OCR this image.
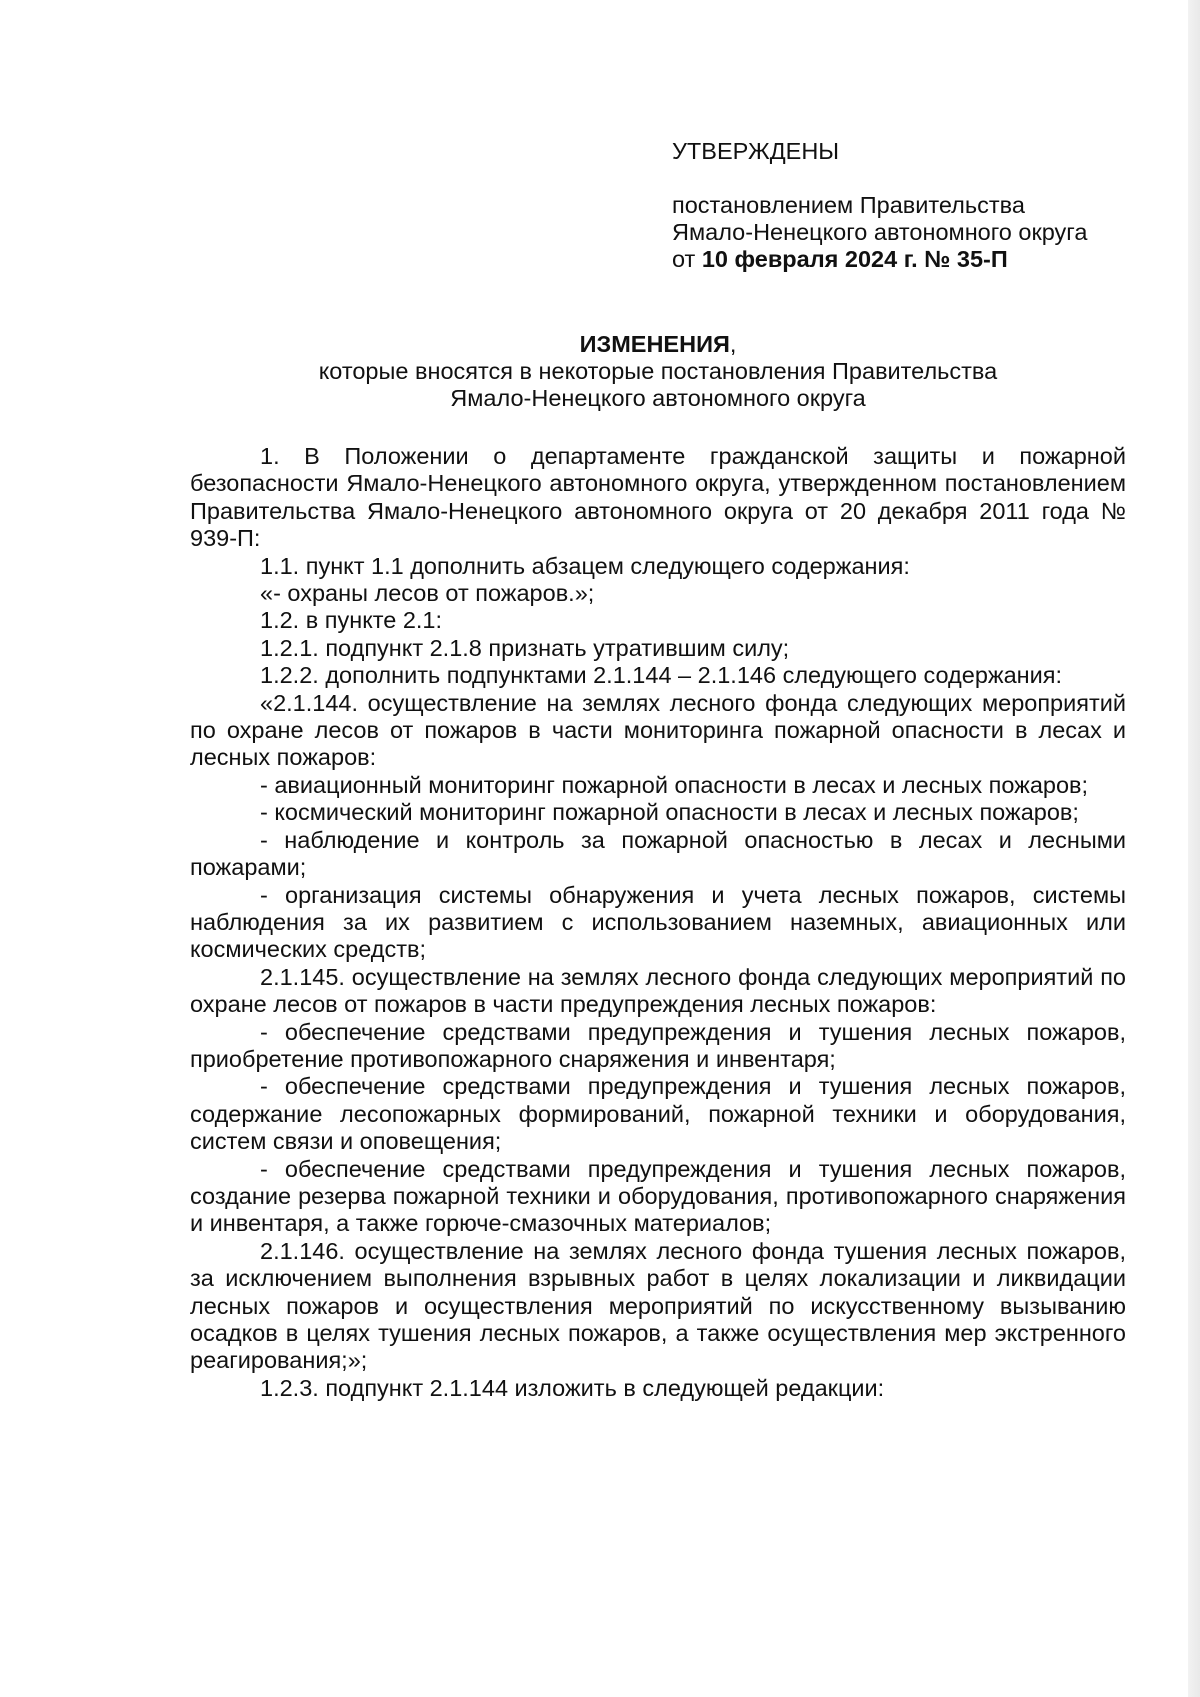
УТВЕРЖДЕНЫ
постановлением Правительства
Ямало-Ненецкого автономного округа
от 10 февраля 2024 г. № 35-П
ИЗМЕНЕНИЯ,
которые вносятся в некоторые постановления Правительства
Ямало-Ненецкого автономного округа

1. В Положении о департаменте гражданской защиты и пожарной безопасности Ямало-Ненецкого автономного округа, утвержденном постановлением Правительства Ямало-Ненецкого автономного округа от 20 декабря 2011 года № 939-П:

1.1. пункт 1.1 дополнить абзацем следующего содержания:

«- охраны лесов от пожаров.»;

1.2. в пункте 2.1:

1.2.1. подпункт 2.1.8 признать утратившим силу;

1.2.2. дополнить подпунктами 2.1.144 – 2.1.146 следующего содержания:

«2.1.144. осуществление на землях лесного фонда следующих мероприятий по охране лесов от пожаров в части мониторинга пожарной опасности в лесах и лесных пожаров:

- авиационный мониторинг пожарной опасности в лесах и лесных пожаров;

- космический мониторинг пожарной опасности в лесах и лесных пожаров;

- наблюдение и контроль за пожарной опасностью в лесах и лесными пожарами;

- организация системы обнаружения и учета лесных пожаров, системы наблюдения за их развитием с использованием наземных, авиационных или космических средств;

2.1.145. осуществление на землях лесного фонда следующих мероприятий по охране лесов от пожаров в части предупреждения лесных пожаров:

- обеспечение средствами предупреждения и тушения лесных пожаров, приобретение противопожарного снаряжения и инвентаря;

- обеспечение средствами предупреждения и тушения лесных пожаров, содержание лесопожарных формирований, пожарной техники и оборудования, систем связи и оповещения;

- обеспечение средствами предупреждения и тушения лесных пожаров, создание резерва пожарной техники и оборудования, противопожарного снаряжения и инвентаря, а также горюче-смазочных материалов;

2.1.146. осуществление на землях лесного фонда тушения лесных пожаров, за исключением выполнения взрывных работ в целях локализации и ликвидации лесных пожаров и осуществления мероприятий по искусственному вызыванию осадков в целях тушения лесных пожаров, а также осуществления мер экстренного реагирования;»;

1.2.3. подпункт 2.1.144 изложить в следующей редакции:
